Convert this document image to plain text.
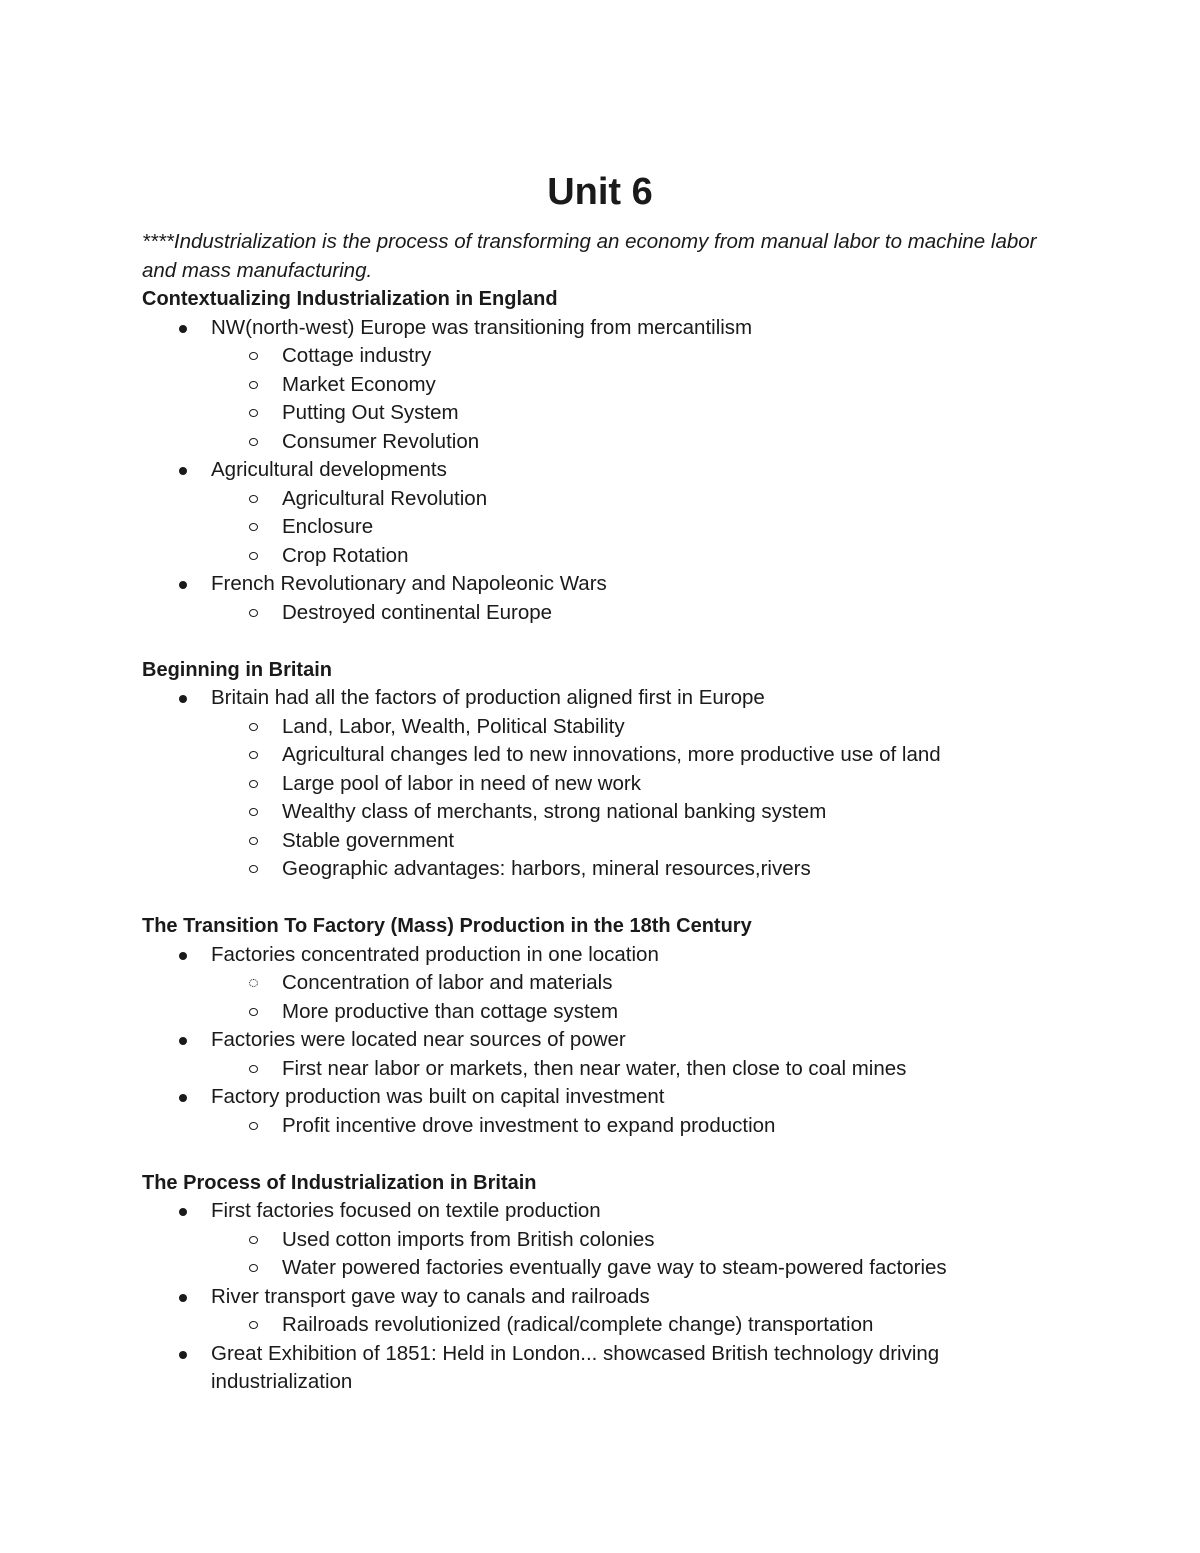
Unit 6

****Industrialization is the process of transforming an economy from manual labor to machine labor and mass manufacturing.

Contextualizing Industrialization in England
NW(north-west) Europe was transitioning from mercantilism
Cottage industry
Market Economy
Putting Out System
Consumer Revolution
Agricultural developments
Agricultural Revolution
Enclosure
Crop Rotation
French Revolutionary and Napoleonic Wars
Destroyed continental Europe
Beginning in Britain
Britain had all the factors of production aligned first in Europe
Land, Labor, Wealth, Political Stability
Agricultural changes led to new innovations, more productive use of land
Large pool of labor in need of new work
Wealthy class of merchants, strong national banking system
Stable government
Geographic advantages: harbors, mineral resources,rivers
The Transition To Factory (Mass) Production in the 18th Century
Factories concentrated production in one location
Concentration of labor and materials
More productive than cottage system
Factories were located near sources of power
First near labor or markets, then near water, then close to coal mines
Factory production was built on capital investment
Profit incentive drove investment to expand production
The Process of Industrialization in Britain
First factories focused on textile production
Used cotton imports from British colonies
Water powered factories eventually gave way to steam-powered factories
River transport gave way to canals and railroads
Railroads revolutionized (radical/complete change) transportation
Great Exhibition of 1851: Held in London... showcased British technology driving industrialization
